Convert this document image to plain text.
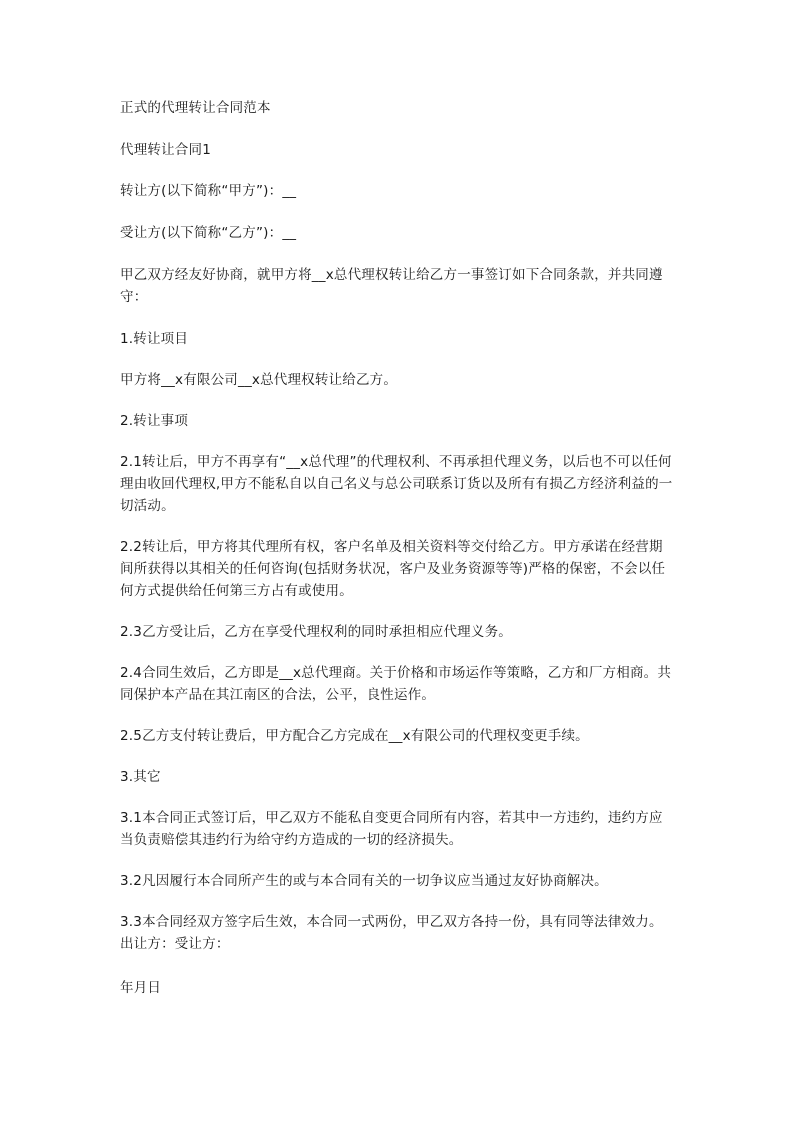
正式的代理转让合同范本

代理转让合同1

转让方(以下简称“甲方”)：__

受让方(以下简称“乙方”)：__

甲乙双方经友好协商，就甲方将__x总代理权转让给乙方一事签订如下合同条款，并共同遵守：

1.转让项目

甲方将__x有限公司__x总代理权转让给乙方。

2.转让事项

2.1转让后，甲方不再享有“__x总代理”的代理权利、不再承担代理义务，以后也不可以任何理由收回代理权,甲方不能私自以自己名义与总公司联系订货以及所有有损乙方经济利益的一切活动。

2.2转让后，甲方将其代理所有权，客户名单及相关资料等交付给乙方。甲方承诺在经营期间所获得以其相关的任何咨询(包括财务状况，客户及业务资源等等)严格的保密，不会以任何方式提供给任何第三方占有或使用。

2.3乙方受让后，乙方在享受代理权利的同时承担相应代理义务。

2.4合同生效后，乙方即是__x总代理商。关于价格和市场运作等策略，乙方和厂方相商。共同保护本产品在其江南区的合法，公平，良性运作。

2.5乙方支付转让费后，甲方配合乙方完成在__x有限公司的代理权变更手续。

3.其它

3.1本合同正式签订后，甲乙双方不能私自变更合同所有内容，若其中一方违约，违约方应当负责赔偿其违约行为给守约方造成的一切的经济损失。

3.2凡因履行本合同所产生的或与本合同有关的一切争议应当通过友好协商解决。

3.3本合同经双方签字后生效，本合同一式两份，甲乙双方各持一份，具有同等法律效力。

出让方：受让方：

年月日
